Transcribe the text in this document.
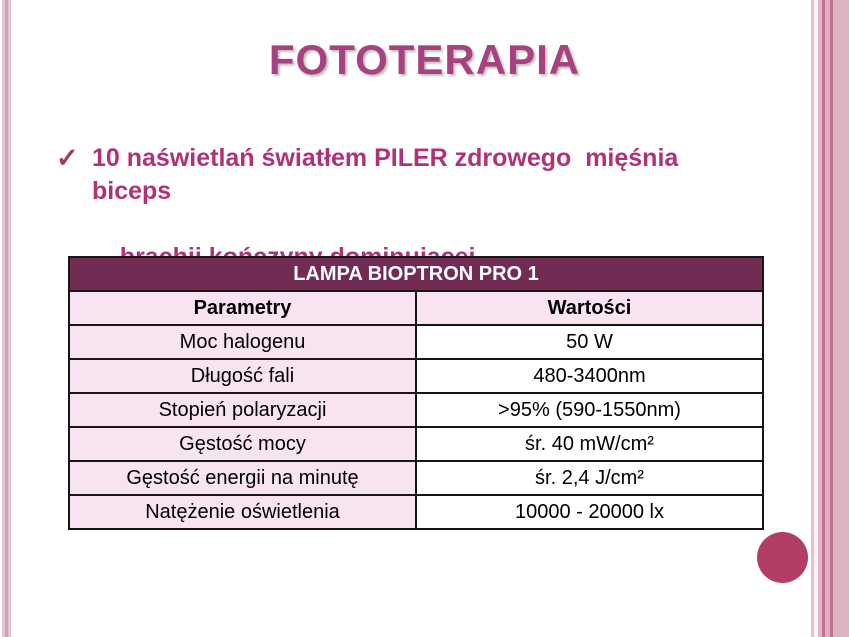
FOTOTERAPIA
✓ 10 naświetlań światłem PILER zdrowego  mięśnia biceps

LAMPA BIOPTRON PRO 1	
Parametry	Wartości
Moc halogenu	50 W
Długość fali	480-3400nm
Stopień polaryzacji	>95% (590-1550nm)
Gęstość mocy	śr. 40 mW/cm²
Gęstość energii na minutę	śr. 2,4 J/cm²
Natężenie oświetlenia	10000 - 20000 lx
